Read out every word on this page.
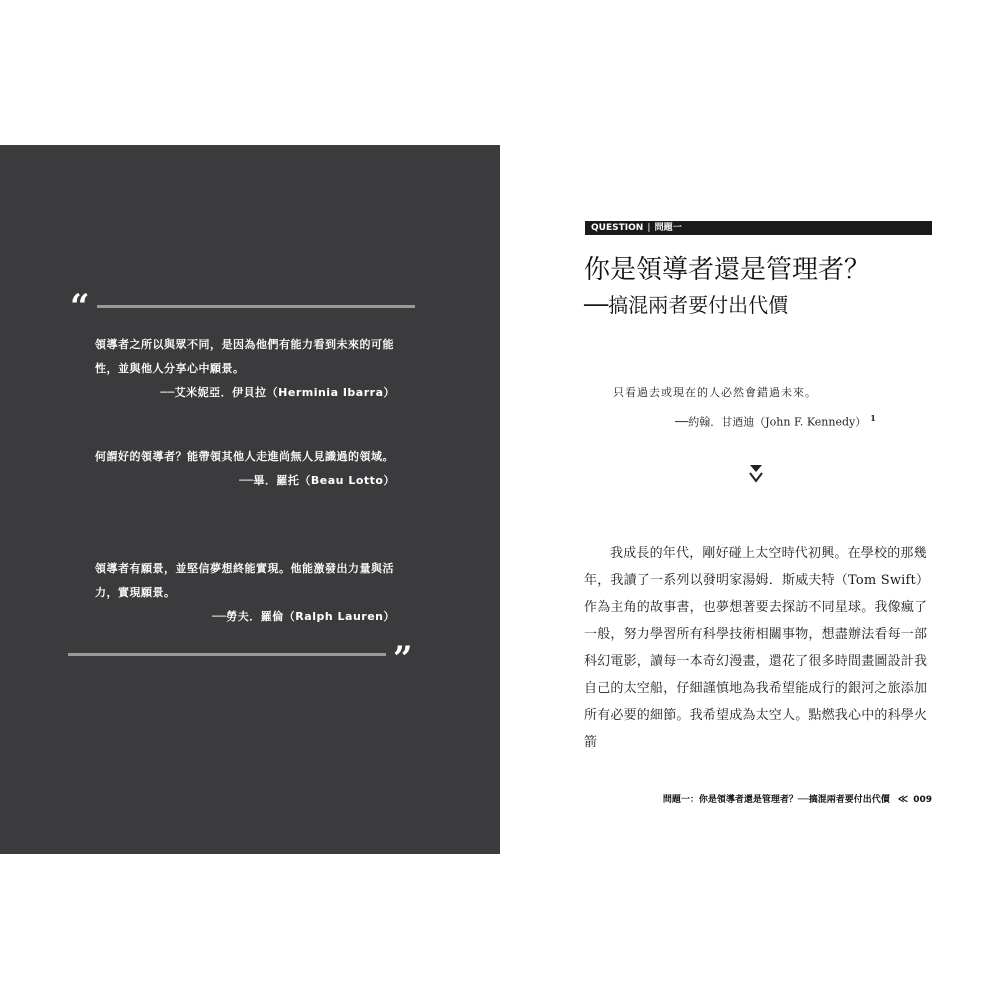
“
領導者之所以與眾不同，是因為他們有能力看到未來的可能性，並與他人分享心中願景。
──艾米妮亞．伊貝拉（Herminia Ibarra）
何謂好的領導者？能帶領其他人走進尚無人見識過的領域。
──畢．羅托（Beau Lotto）
領導者有願景，並堅信夢想終能實現。他能激發出力量與活力，實現願景。
──勞夫．羅倫（Ralph Lauren）
”
QUESTION | 問題一
你是領導者還是管理者？
──搞混兩者要付出代價
只看過去或現在的人必然會錯過未來。
──約翰．甘迺迪（John F. Kennedy） $^1$

我成長的年代，剛好碰上太空時代初興。在學校的那幾年，我讀了一系列以發明家湯姆．斯威夫特（Tom Swift）作為主角的故事書，也夢想著要去探訪不同星球。我像瘋了一般，努力學習所有科學技術相關事物，想盡辦法看每一部科幻電影，讀每一本奇幻漫畫，還花了很多時間畫圖設計我自己的太空船，仔細謹慎地為我希望能成行的銀河之旅添加所有必要的細節。我希望成為太空人。點燃我心中的科學火箭

問題一：你是領導者還是管理者？──搞混兩者要付出代價 ≪ 009
